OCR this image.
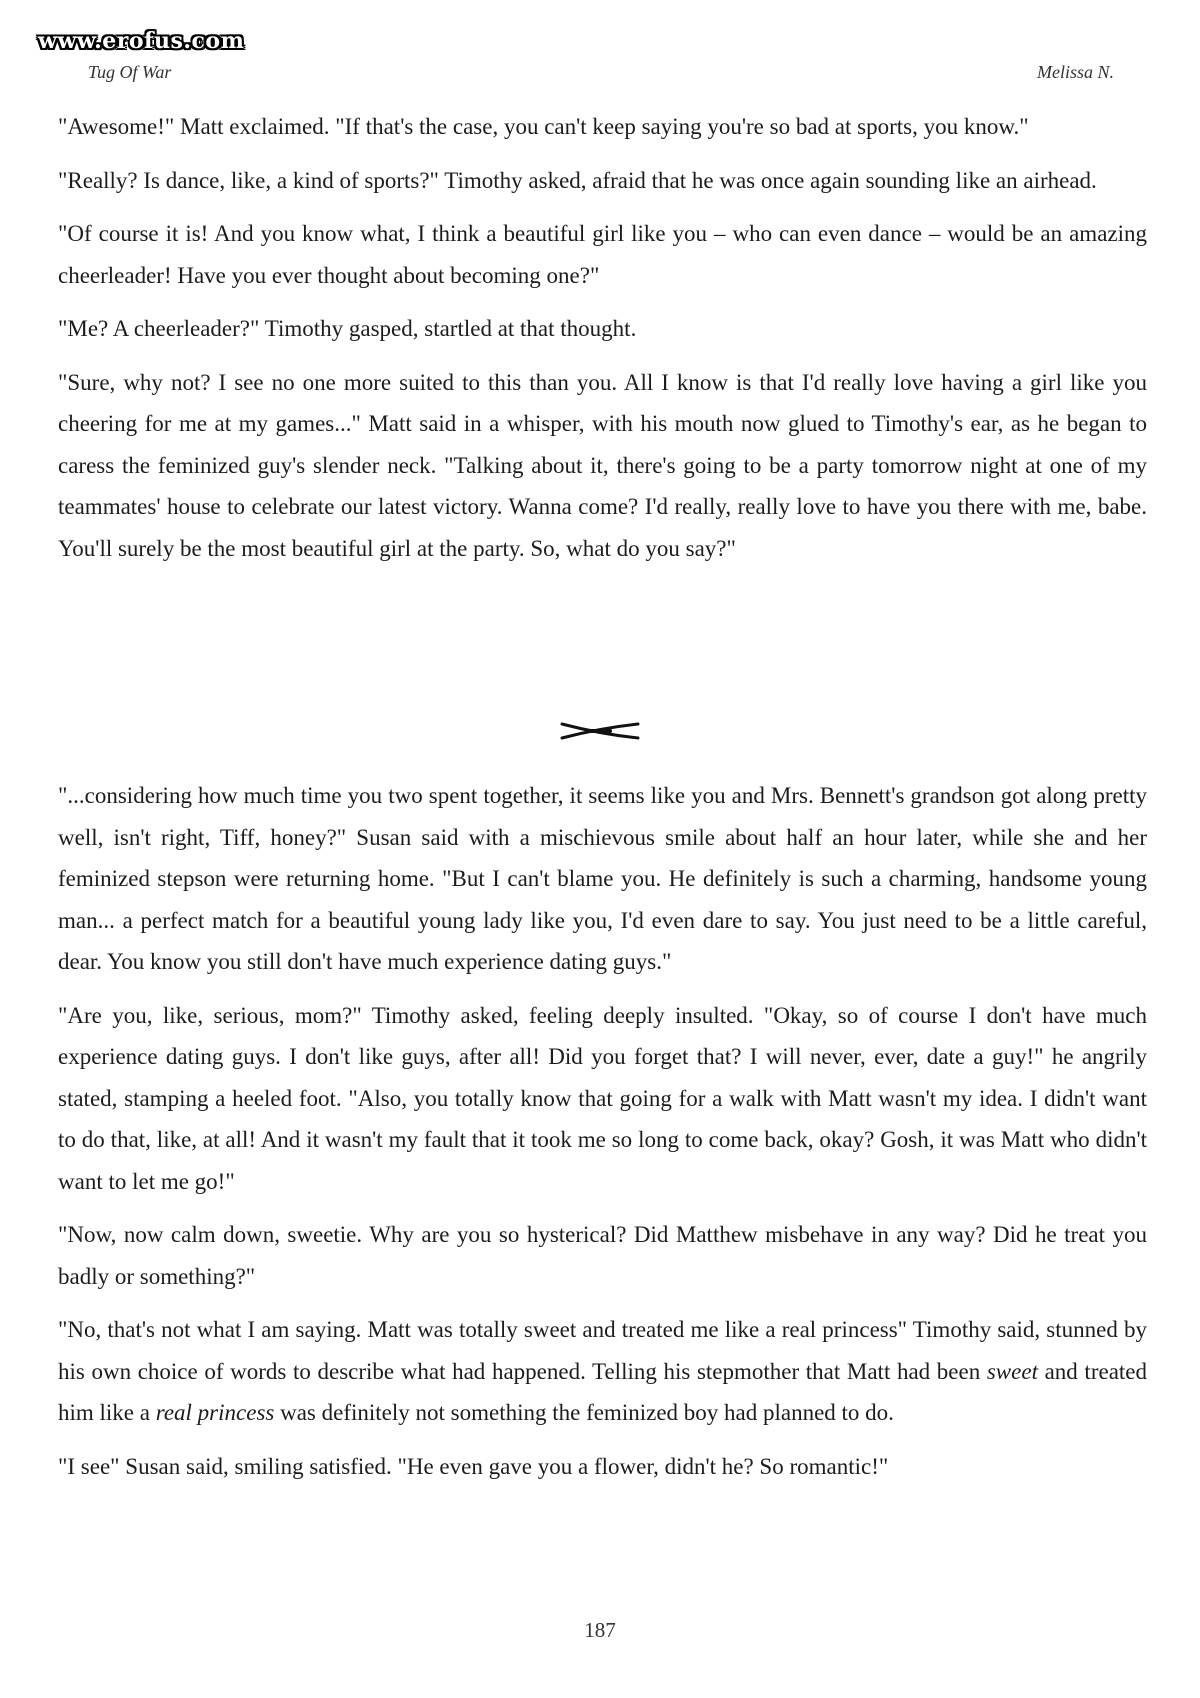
www.erofus.com
Tug Of War	Melissa N.

"Awesome!" Matt exclaimed. "If that's the case, you can't keep saying you're so bad at sports, you know."

"Really? Is dance, like, a kind of sports?" Timothy asked, afraid that he was once again sounding like an airhead.

"Of course it is! And you know what, I think a beautiful girl like you – who can even dance – would be an amazing cheerleader! Have you ever thought about becoming one?"

"Me? A cheerleader?" Timothy gasped, startled at that thought.

"Sure, why not? I see no one more suited to this than you. All I know is that I'd really love having a girl like you cheering for me at my games..." Matt said in a whisper, with his mouth now glued to Timothy's ear, as he began to caress the feminized guy's slender neck. "Talking about it, there's going to be a party tomorrow night at one of my teammates' house to celebrate our latest victory. Wanna come? I'd really, really love to have you there with me, babe. You'll surely be the most beautiful girl at the party. So, what do you say?"

"...considering how much time you two spent together, it seems like you and Mrs. Bennett's grandson got along pretty well, isn't right, Tiff, honey?" Susan said with a mischievous smile about half an hour later, while she and her feminized stepson were returning home. "But I can't blame you. He definitely is such a charming, handsome young man... a perfect match for a beautiful young lady like you, I'd even dare to say. You just need to be a little careful, dear. You know you still don't have much experience dating guys."

"Are you, like, serious, mom?" Timothy asked, feeling deeply insulted. "Okay, so of course I don't have much experience dating guys. I don't like guys, after all! Did you forget that? I will never, ever, date a guy!" he angrily stated, stamping a heeled foot. "Also, you totally know that going for a walk with Matt wasn't my idea. I didn't want to do that, like, at all! And it wasn't my fault that it took me so long to come back, okay? Gosh, it was Matt who didn't want to let me go!"

"Now, now calm down, sweetie. Why are you so hysterical? Did Matthew misbehave in any way? Did he treat you badly or something?"

"No, that's not what I am saying. Matt was totally sweet and treated me like a real princess" Timothy said, stunned by his own choice of words to describe what had happened. Telling his stepmother that Matt had been sweet and treated him like a real princess was definitely not something the feminized boy had planned to do.

"I see" Susan said, smiling satisfied. "He even gave you a flower, didn't he? So romantic!"

187
